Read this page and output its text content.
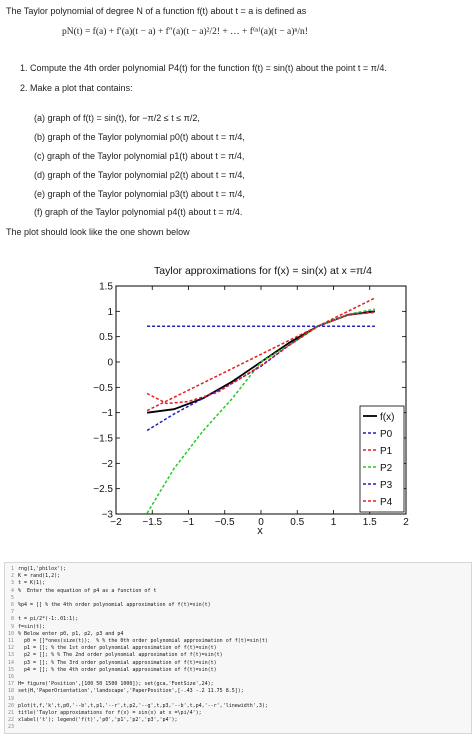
The Taylor polynomial of degree N of a function f(t) about t = a is defined as
pN(t) = f(a) + f′(a)(t − a) + f″(a)(t − a)²/2! + … + f⁽ⁿ⁾(a)(t − a)ⁿ/n!
1. Compute the 4th order polynomial P4(t) for the function f(t) = sin(t) about the point t = π/4.
2. Make a plot that contains:
(a) graph of f(t) = sin(t), for −π/2 ≤ t ≤ π/2,
(b) graph of the Taylor polynomial p0(t) about t = π/4,
(c) graph of the Taylor polynomial p1(t) about t = π/4,
(d) graph of the Taylor polynomial p2(t) about t = π/4,
(e) graph of the Taylor polynomial p3(t) about t = π/4,
(f) graph of the Taylor polynomial p4(t) about t = π/4.
The plot should look like the one shown below
Taylor approximations for f(x) = sin(x) at x =π/4
x
−2 −1.5 −1 −0.5 0	0.5	1	1.5	2
1.5
1
0.5
0
−0.5
−1
−1.5
−2
−2.5
−3
f(x)
P0
P1
P2
P3
P4
1 rng(1,'philox');
2 K = rand(1,2);
3 t = K(1);
4 %  Enter the equation of p4 as a function of t
5
6 %p4 = [] % the 4th order polynomial approximation of f(t)=sin(t)
7
8 t = pi/2*(-1:.01:1);
9 f=sin(t);
10 % Below enter p0, p1, p2, p3 and p4
11  p0 = []*ones(size(t));  % % the 0th order polynomial approximation of f(t)=sin(t)
12  p1 = []; % the 1st order polynomial approximation of f(t)=sin(t)
13  p2 = []; % % The 2nd order polynomial approximation of f(t)=sin(t)
14  p3 = []; % The 3rd order polynomial approximation of f(t)=sin(t)
15  p4 = []; % the 4th order polynomial approximation of f(t)=sin(t)
16
17 H= figure('Position',[100 50 1500 1000]); set(gca,'FontSize',24);
18 set(H,'PaperOrientation','landscape','PaperPosition',[-.43 -.2 11.75 8.5]);
19
20 plot(t,f,'k',t,p0,'--b',t,p1,'--r',t,p2,'--g',t,p3,'--b',t,p4,'--r','linewidth',3);
21 title('Taylor approximations for f(x) = sin(x) at x =\pi/4');
22 xlabel('t'); legend('f(t)','p0','p1','p2','p3','p4');
23
